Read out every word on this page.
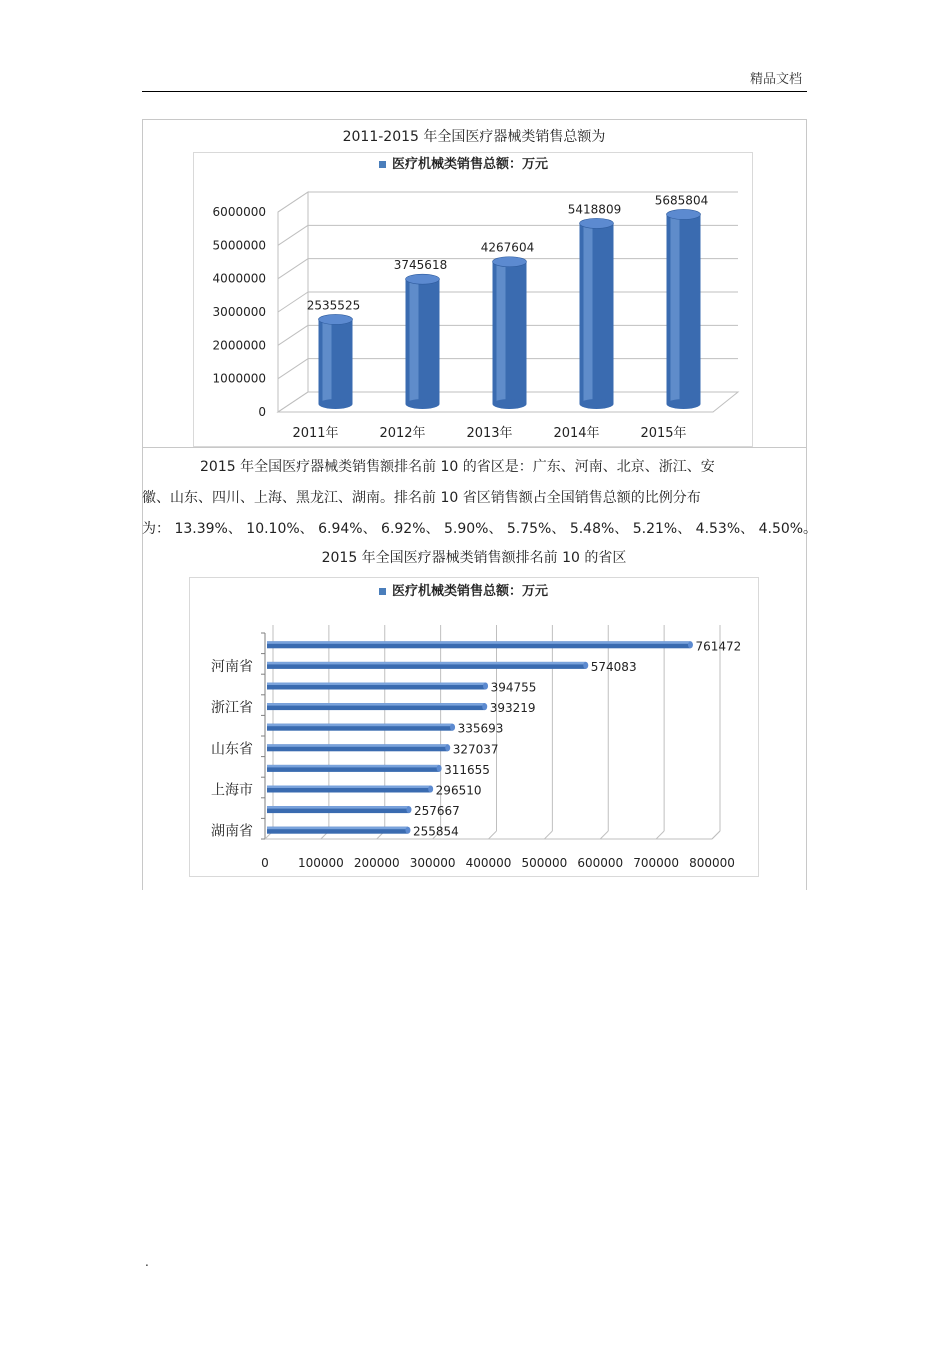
精品文档
2011-2015 年全国医疗器械类销售总额为
0
1000000
2000000
3000000
4000000
5000000
6000000
2535525
2011年
3745618
2012年
4267604
2013年
5418809
2014年
5685804
2015年
医疗机械类销售总额：万元
2015 年全国医疗器械类销售额排名前 10 的省区是：广东、河南、北京、浙江、安
徽、山东、四川、上海、黑龙江、湖南。排名前 10 省区销售额占全国销售总额的比例分布
为： 13.39%、 10.10%、 6.94%、 6.92%、 5.90%、 5.75%、 5.48%、 5.21%、 4.53%、 4.50%。
2015 年全国医疗器械类销售额排名前 10 的省区
0 100000 200000 300000 400000 500000 600000 700000 800000
761472
574083
394755
393219
335693
327037
311655
296510
257667
255854
河南省
浙江省
山东省
上海市
湖南省
医疗机械类销售总额：万元
.
